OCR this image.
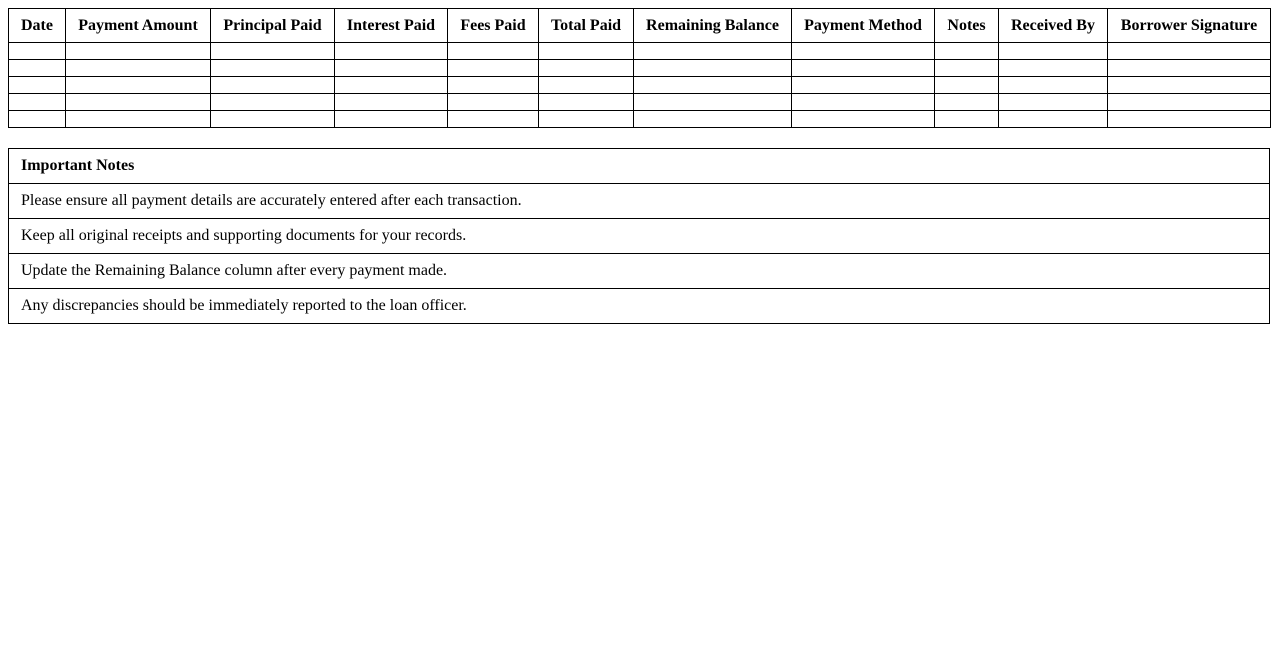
Date	Payment Amount	Principal Paid	Interest Paid	Fees Paid	Total Paid	Remaining Balance	Payment Method	Notes	Received By	Borrower Signature

Important Notes
Please ensure all payment details are accurately entered after each transaction.
Keep all original receipts and supporting documents for your records.
Update the Remaining Balance column after every payment made.
Any discrepancies should be immediately reported to the loan officer.
